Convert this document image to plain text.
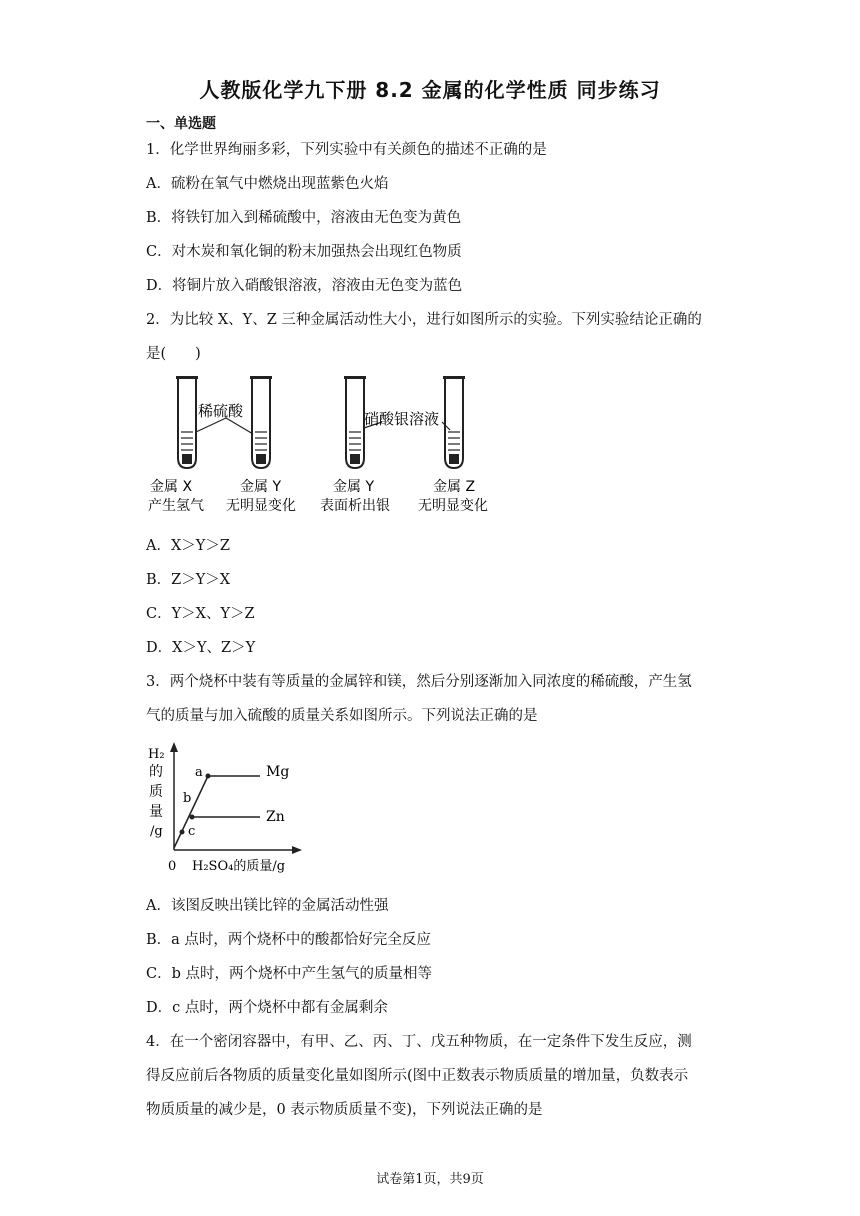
人教版化学九下册 8.2 金属的化学性质 同步练习
一、单选题
1．化学世界绚丽多彩，下列实验中有关颜色的描述不正确的是
A．硫粉在氧气中燃烧出现蓝紫色火焰
B．将铁钉加入到稀硫酸中，溶液由无色变为黄色
C．对木炭和氧化铜的粉末加强热会出现红色物质
D．将铜片放入硝酸银溶液，溶液由无色变为蓝色
2．为比较 X、Y、Z 三种金属活动性大小，进行如图所示的实验。下列实验结论正确的
是(　　)
稀硫酸	硝酸银溶液
金属 X
产生氢气
金属 Y
无明显变化
金属 Y
表面析出银
金属 Z
无明显变化
A．X＞Y＞Z
B．Z＞Y＞X
C．Y＞X、Y＞Z
D．X＞Y、Z＞Y
3．两个烧杯中装有等质量的金属锌和镁，然后分别逐渐加入同浓度的稀硫酸，产生氢
气的质量与加入硫酸的质量关系如图所示。下列说法正确的是
H₂
的
质
量
/g
0 H₂SO₄的质量/g
Mg
Zn
a
b
c
A．该图反映出镁比锌的金属活动性强
B．a 点时，两个烧杯中的酸都恰好完全反应
C．b 点时，两个烧杯中产生氢气的质量相等
D．c 点时，两个烧杯中都有金属剩余
4．在一个密闭容器中，有甲、乙、丙、丁、戊五种物质，在一定条件下发生反应，测
得反应前后各物质的质量变化量如图所示(图中正数表示物质质量的增加量，负数表示
物质质量的减少是，0 表示物质质量不变)，下列说法正确的是
试卷第1页，共9页
